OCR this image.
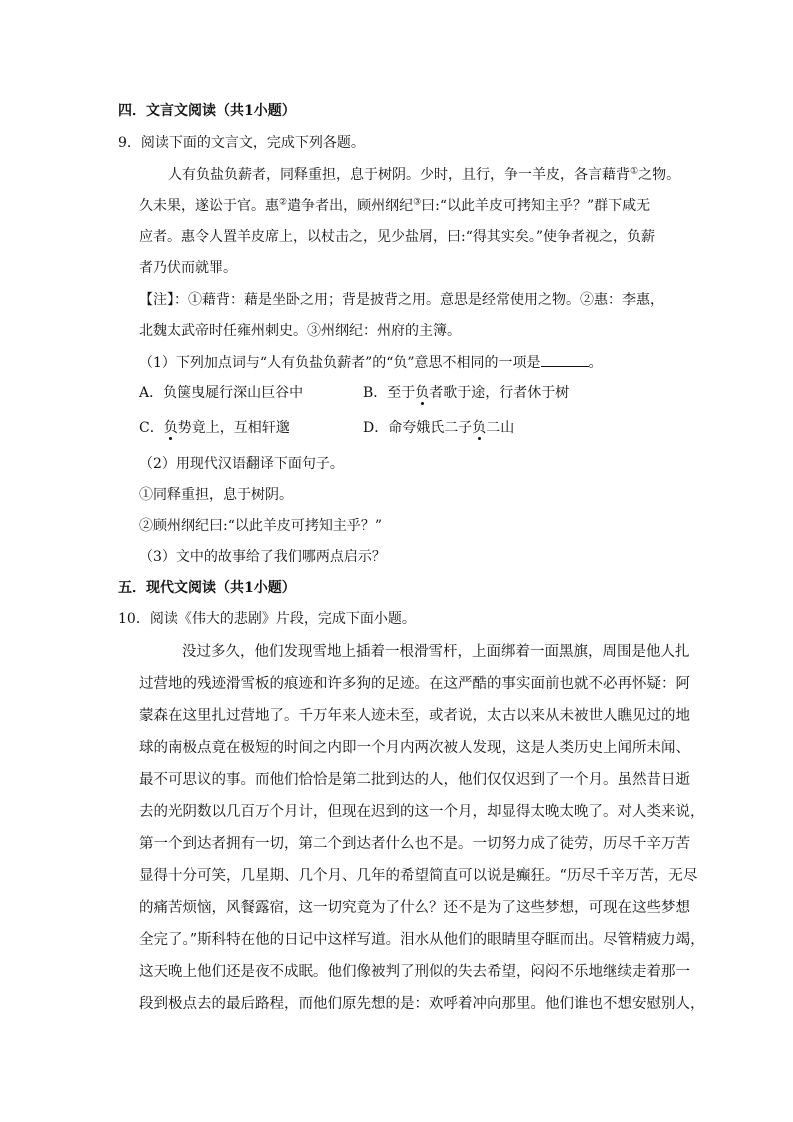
四．文言文阅读（共1小题）
9．阅读下面的文言文，完成下列各题。
人有负盐负薪者，同释重担，息于树阴。少时，且行，争一羊皮，各言藉背①之物。
久未果，遂讼于官。惠②遣争者出，顾州纲纪③曰:“以此羊皮可拷知主乎？”群下咸无
应者。惠令人置羊皮席上，以杖击之，见少盐屑，曰:“得其实矣。”使争者视之，负薪
者乃伏而就罪。
【注】：①藉背：藉是坐卧之用；背是披背之用。意思是经常使用之物。②惠：李惠，
北魏太武帝时任雍州刺史。③州纲纪：州府的主簿。
（1）下列加点词与“人有负盐负薪者”的“负”意思不相同的一项是	。
A．负箧曳屣行深山巨谷中	B．至于负者歌于途，行者休于树
C．负势竟上，互相轩邈	D．命夸娥氏二子负二山
（2）用现代汉语翻译下面句子。
①同释重担，息于树阴。
②顾州纲纪曰:“以此羊皮可拷知主乎？”
（3）文中的故事给了我们哪两点启示？
五．现代文阅读（共1小题）
10．阅读《伟大的悲剧》片段，完成下面小题。
没过多久，他们发现雪地上插着一根滑雪杆，上面绑着一面黑旗，周围是他人扎
过营地的残迹滑雪板的痕迹和许多狗的足迹。在这严酷的事实面前也就不必再怀疑：阿
蒙森在这里扎过营地了。千万年来人迹未至，或者说，太古以来从未被世人瞧见过的地
球的南极点竟在极短的时间之内即一个月内两次被人发现，这是人类历史上闻所未闻、
最不可思议的事。而他们恰恰是第二批到达的人，他们仅仅迟到了一个月。虽然昔日逝
去的光阴数以几百万个月计，但现在迟到的这一个月，却显得太晚太晚了。对人类来说，
第一个到达者拥有一切，第二个到达者什么也不是。一切努力成了徒劳，历尽千辛万苦
显得十分可笑，几星期、几个月、几年的希望简直可以说是癫狂。“历尽千辛万苦，无尽
的痛苦烦恼，风餐露宿，这一切究竟为了什么？还不是为了这些梦想，可现在这些梦想
全完了。”斯科特在他的日记中这样写道。泪水从他们的眼睛里夺眶而出。尽管精疲力竭，
这天晚上他们还是夜不成眠。他们像被判了刑似的失去希望，闷闷不乐地继续走着那一
段到极点去的最后路程，而他们原先想的是：欢呼着冲向那里。他们谁也不想安慰别人，
